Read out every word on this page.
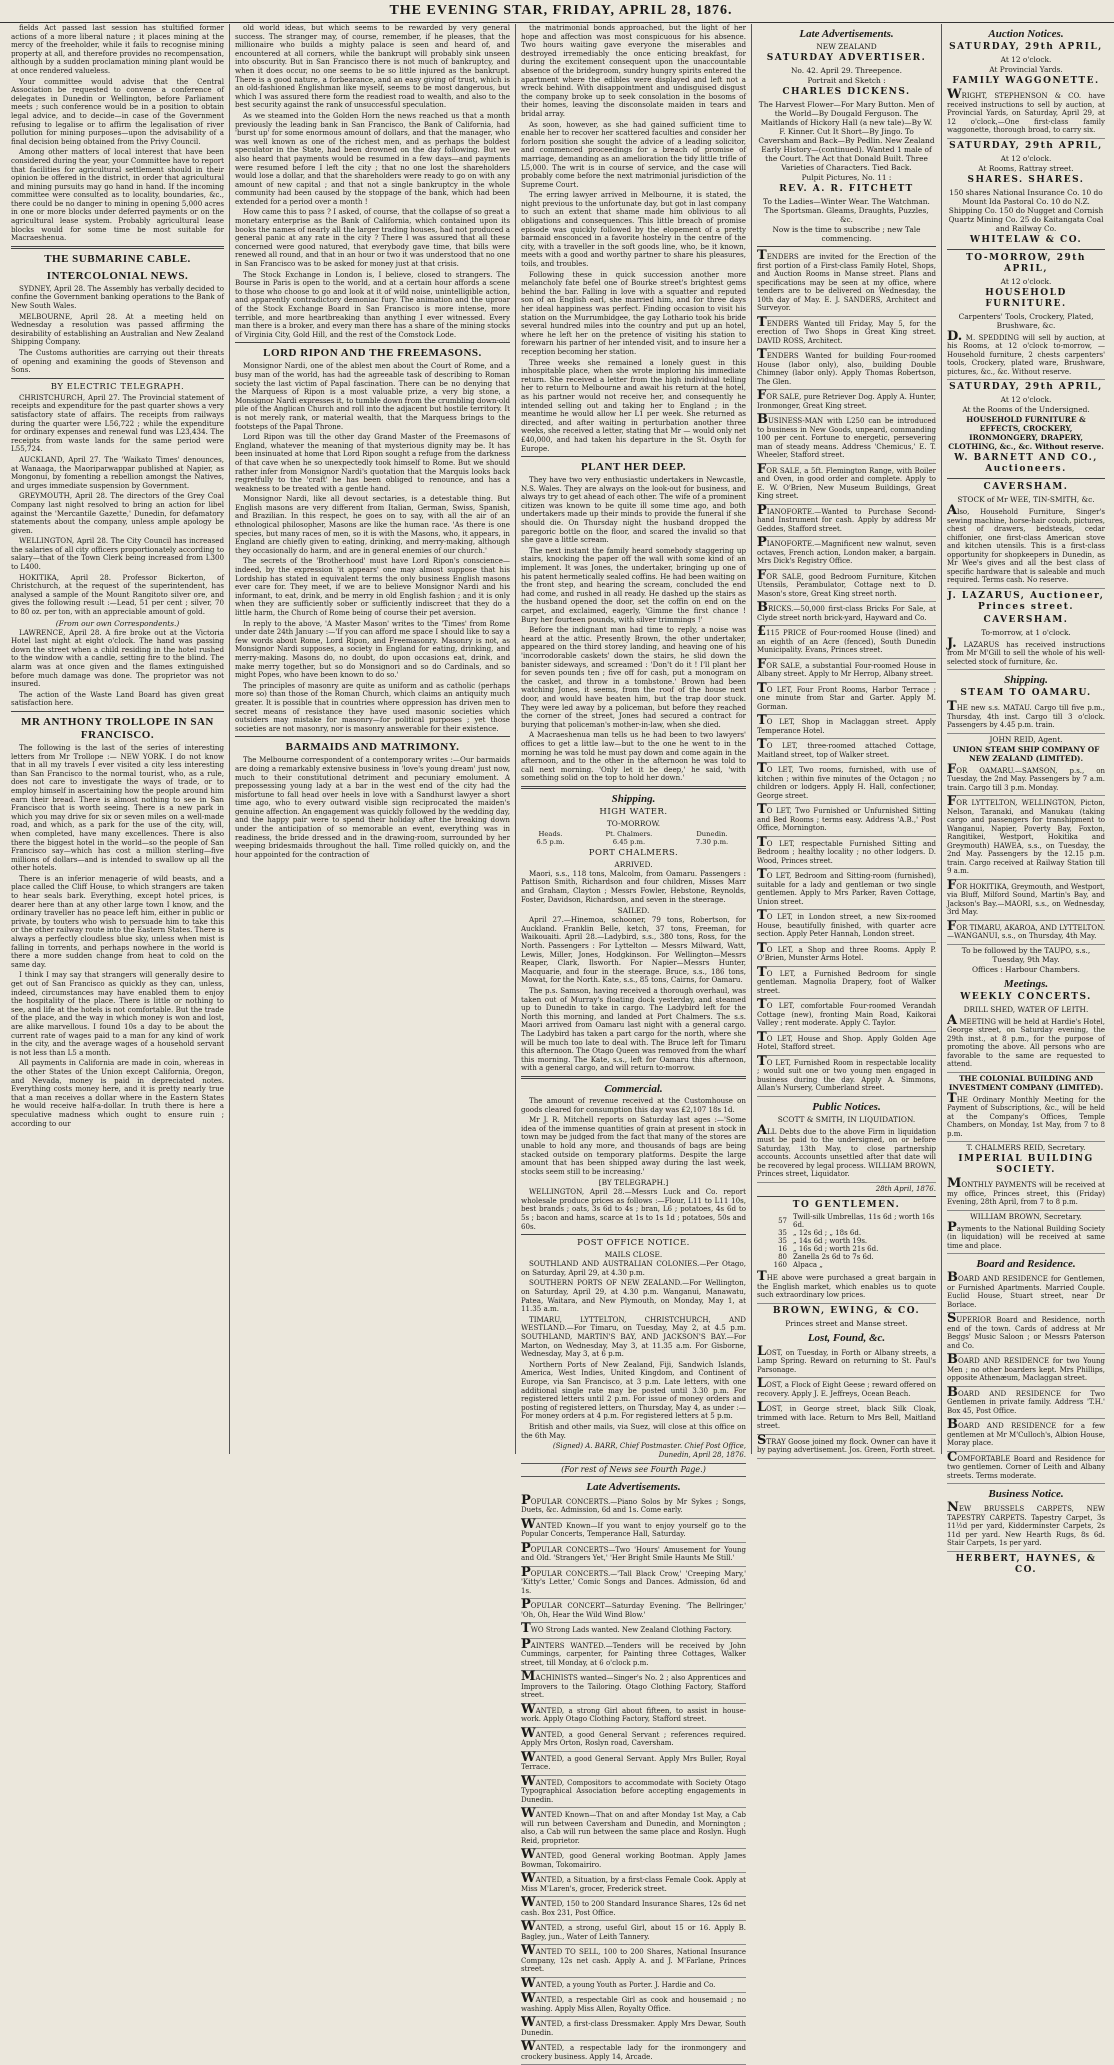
THE EVENING STAR, FRIDAY, APRIL 28, 1876.

fields Act passed last session has stultified former actions of a more liberal nature ; it places mining at the mercy of the freeholder, while it fails to recognise mining property at all, and therefore provides no recompensation, although by a sudden proclamation mining plant would be at once rendered valueless.

Your committee would advise that the Central Association be requested to convene a conference of delegates in Dunedin or Wellington, before Parliament meets ; such conference would be in a position to obtain legal advice, and to decide—in case of the Government refusing to legalise or to affirm the legalisation of river pollution for mining purposes—upon the advisability of a final decision being obtained from the Privy Council.

Among other matters of local interest that have been considered during the year, your Committee have to report that facilities for agricultural settlement should in their opinion be offered in the district, in order that agricultural and mining pursuits may go hand in hand. If the incoming committee were consulted as to locality, boundaries, &c., there could be no danger to mining in opening 5,000 acres in one or more blocks under deferred payments or on the agricultural lease system. Probably agricultural lease blocks would for some time be most suitable for Macraeshenua.

THE SUBMARINE CABLE.
INTERCOLONIAL NEWS.

SYDNEY, April 28. The Assembly has verbally decided to confine the Government banking operations to the Bank of New South Wales.

MELBOURNE, April 28. At a meeting held on Wednesday a resolution was passed affirming the desirability of establishing an Australian and New Zealand Shipping Company.

The Customs authorities are carrying out their threats of opening and examining the goods of Stevenson and Sons.

BY ELECTRIC TELEGRAPH.

CHRISTCHURCH, April 27. The Provincial statement of receipts and expenditure for the past quarter shows a very satisfactory state of affairs. The receipts from railways during the quarter were L56,722 ; while the expenditure for ordinary expenses and renewal fund was L23,434. The receipts from waste lands for the same period were L55,724.

AUCKLAND, April 27. The 'Waikato Times' denounces, at Wanaaga, the Maoriparwappar published at Napier, as Mongonui, by fomenting a rebellion amongst the Natives, and urges immediate suspension by Government.

GREYMOUTH, April 28. The directors of the Grey Coal Company last night resolved to bring an action for libel against the 'Mercantile Gazette,' Dunedin, for defamatory statements about the company, unless ample apology be given.

WELLINGTON, April 28. The City Council has increased the salaries of all city officers proportionately according to salary—that of the Town Clerk being increased from L300 to L400.

HOKITIKA, April 28. Professor Bickerton, of Christchurch, at the request of the superintendent, has analysed a sample of the Mount Rangitoto silver ore, and gives the following result :—Lead, 51 per cent ; silver, 70 to 80 oz. per ton, with an appreciable amount of gold.

(From our own Correspondents.)

LAWRENCE, April 28. A fire broke out at the Victoria Hotel last night at eight o'clock. The hand was passing down the street when a child residing in the hotel rushed to the window with a candle, setting fire to the blind. The alarm was at once given and the flames extinguished before much damage was done. The proprietor was not insured.

The action of the Waste Land Board has given great satisfaction here.

MR ANTHONY TROLLOPE IN SAN FRANCISCO.

The following is the last of the series of interesting letters from Mr Trollope :— NEW YORK. I do not know that in all my travels I ever visited a city less interesting than San Francisco to the normal tourist, who, as a rule, does not care to investigate the ways of trade, or to employ himself in ascertaining how the people around him earn their bread. There is almost nothing to see in San Francisco that is worth seeing. There is a new park in which you may drive for six or seven miles on a well-made road, and which, as a park for the use of the city, will, when completed, have many excellences. There is also there the biggest hotel in the world—so the people of San Francisco say—which has cost a million sterling—five millions of dollars—and is intended to swallow up all the other hotels.

There is an inferior menagerie of wild beasts, and a place called the Cliff House, to which strangers are taken to hear seals bark. Everything, except hotel prices, is dearer here than at any other large town I know, and the ordinary traveller has no peace left him, either in public or private, by touters who wish to persuade him to take this or the other railway route into the Eastern States. There is always a perfectly cloudless blue sky, unless when mist is falling in torrents, and perhaps nowhere in the world is there a more sudden change from heat to cold on the same day.

I think I may say that strangers will generally desire to get out of San Francisco as quickly as they can, unless, indeed, circumstances may have enabled them to enjoy the hospitality of the place. There is little or nothing to see, and life at the hotels is not comfortable. But the trade of the place, and the way in which money is won and lost, are alike marvellous. I found 10s a day to be about the current rate of wages paid to a man for any kind of work in the city, and the average wages of a household servant is not less than L5 a month.

All payments in California are made in coin, whereas in the other States of the Union except California, Oregon, and Nevada, money is paid in depreciated notes. Everything costs money here, and it is pretty nearly true that a man receives a dollar where in the Eastern States he would receive half-a-dollar. In truth there is here a speculative madness which ought to ensure ruin ; according to our

old world ideas, but which seems to be rewarded by very general success. The stranger may, of course, remember, if he pleases, that the millionaire who builds a mighty palace is seen and heard of, and encountered at all corners, while the bankrupt will probably sink unseen into obscurity. But in San Francisco there is not much of bankruptcy, and when it does occur, no one seems to be so little injured as the bankrupt. There is a good nature, a forbearance, and an easy giving of trust, which is an old-fashioned Englishman like myself, seems to be most dangerous, but which I was assured there form the readiest road to wealth, and also to the best security against the rank of unsuccessful speculation.

As we steamed into the Golden Horn the news reached us that a month previously the leading bank in San Francisco, the Bank of California, had 'burst up' for some enormous amount of dollars, and that the manager, who was well known as one of the richest men, and as perhaps the boldest speculator in the State, had been drowned on the day following. But we also heard that payments would be resumed in a few days—and payments were resumed before I left the city ; that no one lost the shareholders would lose a dollar, and that the shareholders were ready to go on with any amount of new capital ; and that not a single bankruptcy in the whole community had been caused by the stoppage of the bank, which had been extended for a period over a month !

How came this to pass ? I asked, of course, that the collapse of so great a monetary enterprise as the Bank of California, which contained upon its books the names of nearly all the larger trading houses, had not produced a general panic at any rate in the city ? There I was assured that all these concerned were good natured, that everybody gave time, that bills were renewed all round, and that in an hour or two it was understood that no one in San Francisco was to be asked for money just at that crisis.

The Stock Exchange in London is, I believe, closed to strangers. The Bourse in Paris is open to the world, and at a certain hour affords a scene to those who choose to go and look at it of wild noise, unintelligible action, and apparently contradictory demoniac fury. The animation and the uproar of the Stock Exchange Board in San Francisco is more intense, more terrible, and more heartbreaking than anything I ever witnessed. Every man there is a broker, and every man there has a share of the mining stocks of Virginia City, Gold Hill, and the rest of the Comstock Lode.

LORD RIPON AND THE FREEMASONS.

Monsignor Nardi, one of the ablest men about the Court of Rome, and a busy man of the world, has had the agreeable task of describing to Roman society the last victim of Papal fascination. There can be no denying that the Marquess of Ripon is a most valuable prize, a very big stone, a Monsignor Nardi expresses it, to tumble down from the crumbling down-old pile of the Anglican Church and roll into the adjacent but hostile territory. It is not merely rank, or material wealth, that the Marquess brings to the footsteps of the Papal Throne.

Lord Ripon was till the other day Grand Master of the Freemasons of England, whatever the meaning of that mysterious dignity may be. It has been insinuated at home that Lord Ripon sought a refuge from the darkness of that cave when he so unexpectedly took himself to Rome. But we should rather infer from Monsignor Nardi's quotation that the Marquis looks back regretfully to the 'craft' he has been obliged to renounce, and has a weakness to be treated with a gentle hand.

Monsignor Nardi, like all devout sectaries, is a detestable thing. But English masons are very different from Italian, German, Swiss, Spanish, and Brazilian. In this respect, he goes on to say, with all the air of an ethnological philosopher, Masons are like the human race. 'As there is one species, but many races of men, so it is with the Masons, who, it appears, in England are chiefly given to eating, drinking, and merry-making, although they occasionally do harm, and are in general enemies of our church.'

The secrets of the 'Brotherhood' must have Lord Ripon's conscience—indeed, by the expression 'it appears' one may almost suppose that his Lordship has stated in equivalent terms the only business English masons ever care for. They meet, if we are to believe Monsignor Nardi and his informant, to eat, drink, and be merry in old English fashion ; and it is only when they are sufficiently sober or sufficiently indiscreet that they do a little harm, the Church of Rome being of course their pet aversion.

In reply to the above, 'A Master Mason' writes to the 'Times' from Rome under date 24th January :—'If you can afford me space I should like to say a few words about Rome, Lord Ripon, and Freemasonry. Masonry is not, as Monsignor Nardi supposes, a society in England for eating, drinking, and merry-making. Masons do, no doubt, do upon occasions eat, drink, and make merry together, but so do Monsignori and so do Cardinals, and so might Popes, who have been known to do so.'

The principles of masonry are quite as uniform and as catholic (perhaps more so) than those of the Roman Church, which claims an antiquity much greater. It is possible that in countries where oppression has driven men to secret means of resistance they have used masonic societies which outsiders may mistake for masonry—for political purposes ; yet those societies are not masonry, nor is masonry answerable for their existence.

BARMAIDS AND MATRIMONY.

The Melbourne correspondent of a contemporary writes :—Our barmaids are doing a remarkably extensive business in 'love's young dream' just now, much to their constitutional detriment and pecuniary emolument. A prepossessing young lady at a bar in the west end of the city had the misfortune to fall head over heels in love with a Sandhurst lawyer a short time ago, who to every outward visible sign reciprocated the maiden's genuine affection. An engagement was quickly followed by the wedding day, and the happy pair were to spend their holiday after the breaking down under the anticipation of so memorable an event, everything was in readiness, the bride dressed and in the drawing-room, surrounded by her weeping bridesmaids throughout the hall. Time rolled quickly on, and the hour appointed for the contraction of

the matrimonial bonds approached, but the light of her hope and affection was most conspicuous for his absence. Two hours waiting gave everyone the miserables and destroyed irremediably the once enticing breakfast, for during the excitement consequent upon the unaccountable absence of the bridegroom, sundry hungry spirits entered the apartment where the edibles were displayed and left not a wreck behind. With disappointment and undisguised disgust the company broke up to seek consolation in the bosoms of their homes, leaving the disconsolate maiden in tears and bridal array.

As soon, however, as she had gained sufficient time to enable her to recover her scattered faculties and consider her forlorn position she sought the advice of a leading solicitor, and commenced proceedings for a breach of promise of marriage, demanding as an amelioration the tidy little trifle of L5,000. The writ is in course of service, and the case will probably come before the next matrimonial jurisdiction of the Supreme Court.

The erring lawyer arrived in Melbourne, it is stated, the night previous to the unfortunate day, but got in last company to such an extent that shame made him oblivious to all obligations and consequences. This little breach of promise episode was quickly followed by the elopement of a pretty barmaid ensconced in a favorite hostelry in the centre of the city, with a traveller in the soft goods line, who, be it known, meets with a good and worthy partner to share his pleasures, toils, and troubles.

Following these in quick succession another more melancholy fate befel one of Bourke street's brightest gems behind the bar. Falling in love with a squatter and reputed son of an English earl, she married him, and for three days her ideal happiness was perfect. Finding occasion to visit his station on the Murrumbidgee, the gay Lothario took his bride several hundred miles into the country and put up an hotel, where he left her on the pretence of visiting his station to forewarn his partner of her intended visit, and to insure her a reception becoming her station.

Three weeks she remained a lonely guest in this inhospitable place, when she wrote imploring his immediate return. She received a letter from the high individual telling her to return to Melbourne and await his return at the hotel, as his partner would not receive her, and consequently he intended selling out and taking her to England ; in the meantime he would allow her L1 per week. She returned as directed, and after waiting in perturbation another three weeks, she received a letter, stating that Mr — would only net £40,000, and had taken his departure in the St. Osyth for Europe.

PLANT HER DEEP.

They have two very enthusiastic undertakers in Newcastle, N.S. Wales. They are always on the look-out for business, and always try to get ahead of each other. The wife of a prominent citizen was known to be quite ill some time ago, and both undertakers made up their minds to provide the funeral if she should die. On Thursday night the husband dropped the paregoric bottle on the floor, and scared the invalid so that she gave a little scream.

The next instant the family heard somebody staggering up stairs, knocking the paper off the wall with some kind of an implement. It was Jones, the undertaker, bringing up one of his patent hermetically sealed coffins. He had been waiting on the front step, and hearing the scream, concluded the end had come, and rushed in all ready. He dashed up the stairs as the husband opened the door, set the coffin on end on the carpet, and exclaimed, eagerly, 'Gimme the first chance ! Bury her fourteen pounds, with silver trimmings !'

Before the indignant man had time to reply, a noise was heard at the attic. Presently Brown, the other undertaker, appeared on the third storey landing, and heaving one of his 'incorrodorable caskets' down the stairs, he slid down the banister sideways, and screamed : 'Don't do it ! I'll plant her for seven pounds ten ; five off for cash, put a monogram on the casket, and throw in a tombstone.' Brown had been watching Jones, it seems, from the roof of the house next door, and would have beaten him, but the trap door stuck. They were led away by a policeman, but before they reached the corner of the street, Jones had secured a contract for burying that policeman's mother-in-law, when she died.

A Macraeshenua man tells us he had been to two lawyers' offices to get a little law—but to the one he went to in the morning he was told he must pay down and come again in the afternoon, and to the other in the afternoon he was told to call next morning. 'Only let it be deep,' he said, 'with something solid on the top to hold her down.'

Shipping.
HIGH WATER.
TO-MORROW.
Heads.	Pt. Chalmers.	Dunedin.
6.5 p.m.	6.45 p.m.	7.30 p.m.
PORT CHALMERS.
ARRIVED.

Maori, s.s., 118 tons, Malcolm, from Oamaru. Passengers : Pattison Smith, Richardson and four children, Misses Marr and Graham, Clayton ; Messrs Fowler, Hebstone, Reynolds, Foster, Davidson, Richardson, and seven in the steerage.

SAILED.

April 27.—Hinemoa, schooner, 79 tons, Robertson, for Auckland. Franklin Belle, ketch, 37 tons, Freeman, for Waikouaiti. April 28.—Ladybird, s.s., 380 tons, Ross, for the North. Passengers : For Lyttelton — Messrs Milward, Watt, Lewis, Miller, Jones, Hodgkinson. For Wellington—Messrs Reaper, Clark, Ilsworth. For Napier—Messrs Hunter, Macquarie, and four in the steerage. Bruce, s.s., 186 tons, Mowat, for the North. Kate, s.s., 85 tons, Cairns, for Oamaru.

The p.s. Samson, having received a thorough overhaul, was taken out of Murray's floating dock yesterday, and steamed up to Dunedin to take in cargo. The Ladybird left for the North this morning, and landed at Port Chalmers. The s.s. Maori arrived from Oamaru last night with a general cargo. The Ladybird has taken a part cargo for the north, where she will be much too late to deal with. The Bruce left for Timaru this afternoon. The Otago Queen was removed from the wharf this morning. The Kate, s.s., left for Oamaru this afternoon, with a general cargo, and will return to-morrow.

Commercial.

The amount of revenue received at the Customhouse on goods cleared for consumption this day was £2,107 18s 1d.

Mr J. R. Mitchell reports on Saturday last ages :—'Some idea of the immense quantities of grain at present in stock in town may be judged from the fact that many of the stores are unable to hold any more, and thousands of bags are being stacked outside on temporary platforms. Despite the large amount that has been shipped away during the last week, stocks seem still to be increasing.'

[BY TELEGRAPH.]

WELLINGTON, April 28.—Messrs Luck and Co. report wholesale produce prices as follows :—Flour, L11 to L11 10s, best brands ; oats, 3s 6d to 4s ; bran, L6 ; potatoes, 4s 6d to 5s ; bacon and hams, scarce at 1s to 1s 1d ; potatoes, 50s and 60s.

POST OFFICE NOTICE.
MAILS CLOSE.

SOUTHLAND AND AUSTRALIAN COLONIES.—Per Otago, on Saturday, April 29, at 4.30 p.m.

SOUTHERN PORTS OF NEW ZEALAND.—For Wellington, on Saturday, April 29, at 4.30 p.m. Wanganui, Manawatu, Patea, Waitara, and New Plymouth, on Monday, May 1, at 11.35 a.m.

TIMARU, LYTTELTON, CHRISTCHURCH, AND WESTLAND.—For Timaru, on Tuesday, May 2, at 4.5 p.m. SOUTHLAND, MARTIN'S BAY, AND JACKSON'S BAY.—For Marton, on Wednesday, May 3, at 11.35 a.m. For Gisborne, Wednesday, May 3, at 6 p.m.

Northern Ports of New Zealand, Fiji, Sandwich Islands, America, West Indies, United Kingdom, and Continent of Europe, via San Francisco, at 3 p.m. Late letters, with one additional single rate may be posted until 3.30 p.m. For registered letters until 2 p.m. For issue of money orders and posting of registered letters, on Thursday, May 4, as under :—For money orders at 4 p.m. For registered letters at 5 p.m.

British and other mails, via Suez, will close at this office on the 6th May.

(Signed) A. BARR, Chief Postmaster. Chief Post Office, Dunedin, April 28, 1876.

(For rest of News see Fourth Page.)
Late Advertisements.

POPULAR CONCERTS.—Piano Solos by Mr Sykes ; Songs, Duets, &c. Admission, 6d and 1s. Come early.

WANTED Known—If you want to enjoy yourself go to the Popular Concerts, Temperance Hall, Saturday.

POPULAR CONCERTS—Two 'Hours' Amusement for Young and Old. 'Strangers Yet,' 'Her Bright Smile Haunts Me Still.'

POPULAR CONCERTS.—'Tall Black Crow,' 'Creeping Mary,' 'Kitty's Letter,' Comic Songs and Dances. Admission, 6d and 1s.

POPULAR CONCERT—Saturday Evening. 'The Bellringer,' 'Oh, Oh, Hear the Wild Wind Blow.'

TWO Strong Lads wanted. New Zealand Clothing Factory.

PAINTERS WANTED.—Tenders will be received by John Cummings, carpenter, for Painting three Cottages, Walker street, till Monday, at 6 o'clock p.m.

MACHINISTS wanted—Singer's No. 2 ; also Apprentices and Improvers to the Tailoring. Otago Clothing Factory, Stafford street.

WANTED, a strong Girl about fifteen, to assist in house-work. Apply Otago Clothing Factory, Stafford street.

WANTED, a good General Servant ; references required. Apply Mrs Orton, Roslyn road, Caversham.

WANTED, a good General Servant. Apply Mrs Buller, Royal Terrace.

WANTED, Compositors to accommodate with Society Otago Typographical Association before accepting engagements in Dunedin.

WANTED Known—That on and after Monday 1st May, a Cab will run between Caversham and Dunedin, and Mornington ; also, a Cab will run between the same place and Roslyn. Hugh Reid, proprietor.

WANTED, good General working Bootman. Apply James Bowman, Tokomairiro.

WANTED, a Situation, by a first-class Female Cook. Apply at Miss M'Laren's, grocer, Frederick street.

WANTED, 150 to 200 Standard Insurance Shares, 12s 6d net cash. Box 231, Post Office.

WANTED, a strong, useful Girl, about 15 or 16. Apply B. Bagley, jun., Water of Leith Tannery.

WANTED TO SELL, 100 to 200 Shares, National Insurance Company, 12s net cash. Apply A. and J. M'Farlane, Princes street.

WANTED, a young Youth as Porter. J. Hardie and Co.

WANTED, a respectable Girl as cook and housemaid ; no washing. Apply Miss Allen, Royalty Office.

WANTED, a first-class Dressmaker. Apply Mrs Dewar, South Dunedin.

WANTED, a respectable lady for the ironmongery and crockery business. Apply 14, Arcade.

Late Advertisements.
NEW ZEALAND
SATURDAY ADVERTISER.
No. 42. April 29. Threepence.
Portrait and Sketch :
CHARLES DICKENS.
The Harvest Flower—For Mary Button. Men of the World—By Dougald Ferguson. The Maitlands of Hickory Hall (a new tale)—By W. F. Kinner. Cut It Short—By Jingo. To Caversham and Back—By Pedlin. New Zealand Early History—(continued). Wanted 1 male of the Court. The Act that Donald Built. Three Varieties of Characters. Tied Back.
Pulpit Pictures, No. 11 :
REV. A. R. FITCHETT
To the Ladies—Winter Wear. The Watchman. The Sportsman. Gleams, Draughts, Puzzles, &c.
Now is the time to subscribe ; new Tale commencing.

TENDERS are invited for the Erection of the first portion of a First-class Family Hotel, Shops, and Auction Rooms in Manse street. Plans and specifications may be seen at my office, where tenders are to be delivered on Wednesday, the 10th day of May. E. J. SANDERS, Architect and Surveyor.

TENDERS Wanted till Friday, May 5, for the erection of Two Shops in Great King street. DAVID ROSS, Architect.

TENDERS Wanted for building Four-roomed House (labor only), also, building Double Chimney (labor only). Apply Thomas Robertson, The Glen.

FOR SALE, pure Retriever Dog. Apply A. Hunter, Ironmonger, Great King street.

BUSINESS-MAN with L250 can be introduced to business in New Goods, unpeard, commanding 100 per cent. Fortune to energetic, persevering man of steady means. Address 'Chemicus,' E. T. Wheeler, Stafford street.

FOR SALE, a 5ft. Flemington Range, with Boiler and Oven, in good order and complete. Apply to E. W. O'Brien, New Museum Buildings, Great King street.

PIANOFORTE.—Wanted to Purchase Second-hand Instrument for cash. Apply by address Mr Geddes, Stafford street.

PIANOFORTE.—Magnificent new walnut, seven octaves, French action, London maker, a bargain. Mrs Dick's Registry Office.

FOR SALE, good Bedroom Furniture, Kitchen Utensils, Perambulator, Cottage next to D. Mason's store, Great King street north.

BRICKS.—50,000 first-class Bricks For Sale, at Clyde street north brick-yard, Hayward and Co.

£115 PRICE of Four-roomed House (lined) and an eighth of an Acre (fenced), South Dunedin Municipality. Evans, Princes street.

FOR SALE, a substantial Four-roomed House in Albany street. Apply to Mr Herrop, Albany street.

TO LET, Four Front Rooms, Harbor Terrace ; one minute from Star and Garter. Apply M. Gorman.

TO LET, Shop in Maclaggan street. Apply Temperance Hotel.

TO LET, three-roomed attached Cottage, Maitland street, top of Walker street.

TO LET, Two rooms, furnished, with use of kitchen ; within five minutes of the Octagon ; no children or lodgers. Apply H. Hall, confectioner, George street.

TO LET, Two Furnished or Unfurnished Sitting and Bed Rooms ; terms easy. Address 'A.B.,' Post Office, Mornington.

TO LET, respectable Furnished Sitting and Bedroom ; healthy locality ; no other lodgers. D. Wood, Princes street.

TO LET, Bedroom and Sitting-room (furnished), suitable for a lady and gentleman or two single gentlemen. Apply to Mrs Parker, Raven Cottage, Union street.

TO LET, in London street, a new Six-roomed House, beautifully finished, with quarter acre section. Apply Peter Hannah, London street.

TO LET, a Shop and three Rooms. Apply P. O'Brien, Munster Arms Hotel.

TO LET, a Furnished Bedroom for single gentleman. Magnolia Drapery, foot of Walker street.

TO LET, comfortable Four-roomed Verandah Cottage (new), fronting Main Road, Kaikorai Valley ; rent moderate. Apply C. Taylor.

TO LET, House and Shop. Apply Golden Age Hotel, Stafford street.

TO LET, Furnished Room in respectable locality ; would suit one or two young men engaged in business during the day. Apply A. Simmons, Allan's Nursery, Cumberland street.

Public Notices.
SCOTT & SMITH, IN LIQUIDATION.

ALL Debts due to the above Firm in liquidation must be paid to the undersigned, on or before Saturday, 13th May, to close partnership accounts. Accounts unsettled after that date will be recovered by legal process. WILLIAM BROWN, Princes street, Liquidator.

28th April, 1876.
TO GENTLEMEN.
57	Twill-silk Umbrellas, 11s 6d ; worth 16s 6d.
35	„ 12s 6d ; „ 18s 6d.
35	„ 14s 6d ; worth 19s.
16	„ 16s 6d ; worth 21s 6d.
80	Zanella 2s 6d to 7s 6d.
160	Alpaca „

THE above were purchased a great bargain in the English market, which enables us to quote such extraordinary low prices.

BROWN, EWING, & CO.
Princes street and Manse street.
Lost, Found, &c.

LOST, on Tuesday, in Forth or Albany streets, a Lamp Spring. Reward on returning to St. Paul's Parsonage.

LOST, a Flock of Eight Geese ; reward offered on recovery. Apply J. E. Jeffreys, Ocean Beach.

LOST, in George street, black Silk Cloak, trimmed with lace. Return to Mrs Bell, Maitland street.

STRAY Goose joined my flock. Owner can have it by paying advertisement. Jos. Green, Forth street.

Auction Notices.
SATURDAY, 29th APRIL,
At 12 o'clock.
At Provincial Yards.
FAMILY WAGGONETTE.

WRIGHT, STEPHENSON & CO. have received instructions to sell by auction, at Provincial Yards, on Saturday, April 29, at 12 o'clock,—One first-class family waggonette, thorough broad, to carry six.

SATURDAY, 29th APRIL,
At 12 o'clock.
At Rooms, Rattray street.
SHARES. SHARES.
150 shares National Insurance Co. 10 do Mount Ida Pastoral Co. 10 do N.Z. Shipping Co. 150 do Nugget and Cornish Quartz Mining Co. 25 do Kaitangata Coal and Railway Co.
WHITELAW & CO.
TO-MORROW, 29th APRIL,
At 12 o'clock.
HOUSEHOLD FURNITURE.
Carpenters' Tools, Crockery, Plated, Brushware, &c.

D. M. SPEDDING will sell by auction, at his Rooms, at 12 o'clock to-morrow, —Household furniture, 2 chests carpenters' tools, Crockery, plated ware, Brushware, pictures, &c., &c. Without reserve.

SATURDAY, 29th APRIL,
At 12 o'clock.
At the Rooms of the Undersigned.
HOUSEHOLD FURNITURE & EFFECTS, CROCKERY, IRONMONGERY, DRAPERY, CLOTHING, &c., &c. Without reserve.
W. BARNETT AND CO., Auctioneers.
CAVERSHAM.
STOCK of Mr WEE, TIN-SMITH, &c.

Also, Household Furniture, Singer's sewing machine, horse-hair couch, pictures, chest of drawers, bedsteads, cedar chiffonier, one first-class American stove and kitchen utensils. This is a first-class opportunity for shopkeepers in Dunedin, as Mr Wee's gives and all the best class of specific hardware that is saleable and much required. Terms cash. No reserve.

J. LAZARUS, Auctioneer, Princes street.
CAVERSHAM.
To-morrow, at 1 o'clock.

J. LAZARUS has received instructions from Mr M'Gill to sell the whole of his well-selected stock of furniture, &c.

Shipping.
STEAM TO OAMARU.

THE new s.s. MATAU. Cargo till five p.m., Thursday, 4th inst. Cargo till 3 o'clock. Passengers by 4.45 p.m. train.

JOHN REID, Agent.
UNION STEAM SHIP COMPANY OF NEW ZEALAND (LIMITED).

FOR OAMARU.—SAMSON, p.s., on Tuesday, the 2nd May. Passengers by 7 a.m. train. Cargo till 3 p.m. Monday.

FOR LYTTELTON, WELLINGTON, Picton, Nelson, Taranaki, and Manukau (taking cargo and passengers for transhipment to Wanganui, Napier, Poverty Bay, Foxton, Rangitikei, Westport, Hokitika and Greymouth) HAWEA, s.s., on Tuesday, the 2nd May. Passengers by the 12.15 p.m. train. Cargo received at Railway Station till 9 a.m.

FOR HOKITIKA, Greymouth, and Westport, via Bluff, Milford Sound, Martin's Bay, and Jackson's Bay.—MAORI, s.s., on Wednesday, 3rd May.

FOR TIMARU, AKAROA, AND LYTTELTON.—WANGANUI, s.s., on Thursday, 4th May.

To be followed by the TAUPO, s.s., Tuesday, 9th May.
Offices : Harbour Chambers.
Meetings.
WEEKLY CONCERTS.
DRILL SHED, WATER OF LEITH.

A MEETING will be held at Hardie's Hotel, George street, on Saturday evening, the 29th inst., at 8 p.m., for the purpose of promoting the above. All persons who are favorable to the same are requested to attend.

THE COLONIAL BUILDING AND INVESTMENT COMPANY (LIMITED).

THE Ordinary Monthly Meeting for the Payment of Subscriptions, &c., will be held at the Company's Offices, Temple Chambers, on Monday, 1st May, from 7 to 8 p.m.

T. CHALMERS REID, Secretary.
IMPERIAL BUILDING SOCIETY.

MONTHLY PAYMENTS will be received at my office, Princes street, this (Friday) Evening, 28th April, from 7 to 8 p.m.

WILLIAM BROWN, Secretary.

Payments to the National Building Society (in liquidation) will be received at same time and place.

Board and Residence.

BOARD AND RESIDENCE for Gentlemen, or Furnished Apartments. Married Couple. Euclid House, Stuart street, near Dr Borlace.

SUPERIOR Board and Residence, north end of the town. Cards of address at Mr Beggs' Music Saloon ; or Messrs Paterson and Co.

BOARD AND RESIDENCE for two Young Men ; no other boarders kept. Mrs Phillips, opposite Athenæum, Maclaggan street.

BOARD AND RESIDENCE for Two Gentlemen in private family. Address 'T.H.' Box 45, Post Office.

BOARD AND RESIDENCE for a few gentlemen at Mr M'Culloch's, Albion House, Moray place.

COMFORTABLE Board and Residence for two gentlemen. Corner of Leith and Albany streets. Terms moderate.

Business Notice.

NEW BRUSSELS CARPETS, NEW TAPESTRY CARPETS. Tapestry Carpet, 3s 11½d per yard, Kidderminster Carpets, 2s 11d per yard. New Hearth Rugs, 8s 6d. Stair Carpets, 1s per yard.

HERBERT, HAYNES, & CO.
